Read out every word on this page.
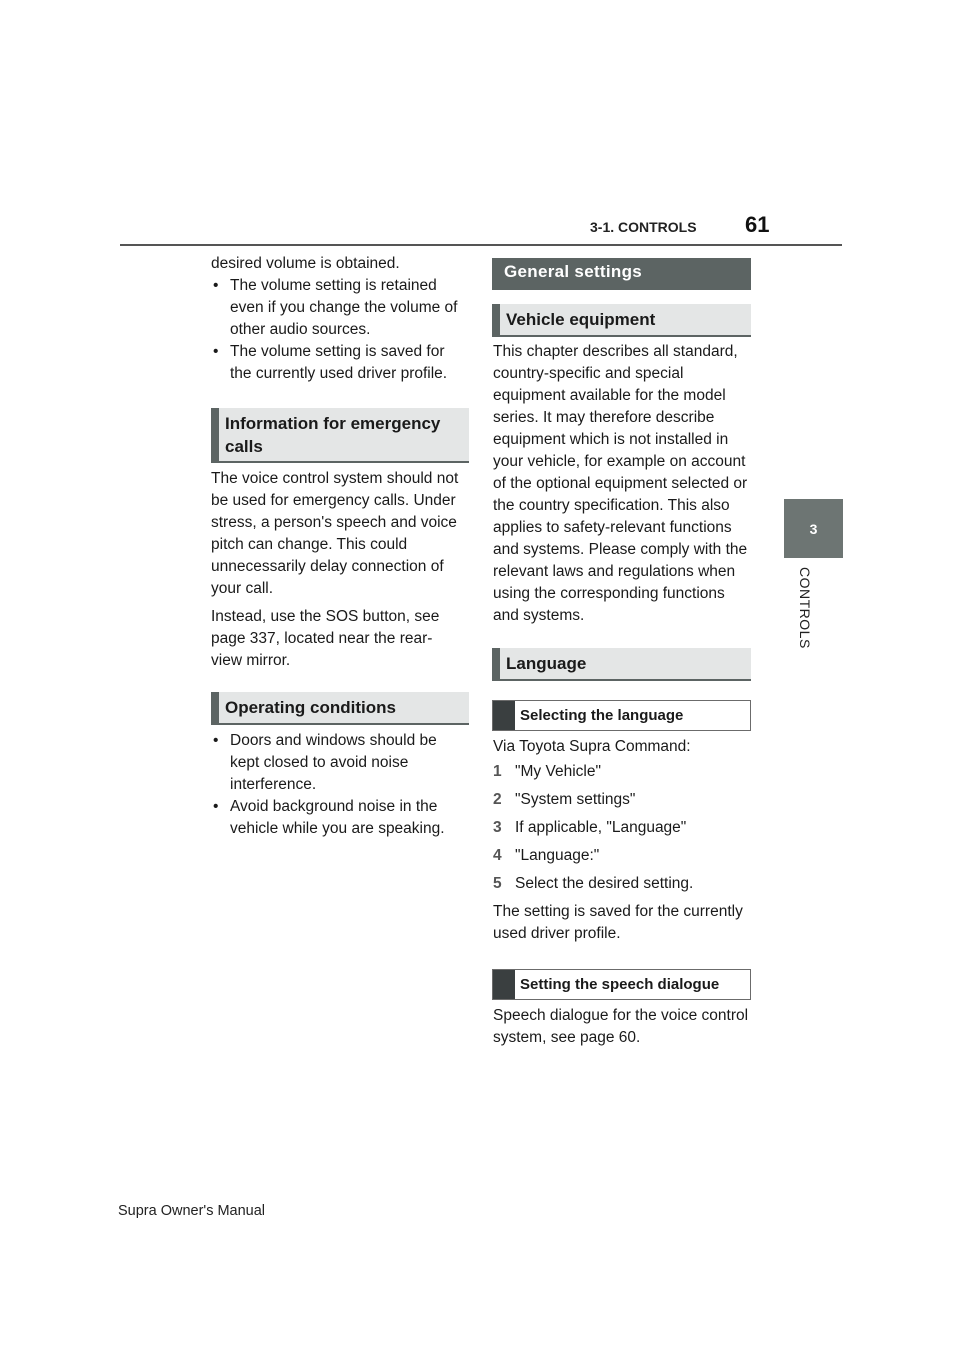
3-1. CONTROLS 61
3
CONTROLS

desired volume is obtained.

• The volume setting is retained even if you change the volume of other audio sources.

• The volume setting is saved for the currently used driver profile.

Information for emergency calls

The voice control system should not be used for emergency calls. Under stress, a person's speech and voice pitch can change. This could unnecessarily delay connection of your call.

Instead, use the SOS button, see page 337, located near the rear-view mirror.

Operating conditions

• Doors and windows should be kept closed to avoid noise interference.

• Avoid background noise in the vehicle while you are speaking.

General settings
Vehicle equipment

This chapter describes all standard, country-specific and special equipment available for the model series. It may therefore describe equipment which is not installed in your vehicle, for example on account of the optional equipment selected or the country specification. This also applies to safety-relevant functions and systems. Please comply with the relevant laws and regulations when using the corresponding functions and systems.

Language
Selecting the language

Via Toyota Supra Command:

1 "My Vehicle"

2 "System settings"

3 If applicable, "Language"

4 "Language:"

5 Select the desired setting.

The setting is saved for the currently used driver profile.

Setting the speech dialogue

Speech dialogue for the voice control system, see page 60.

Supra Owner's Manual
